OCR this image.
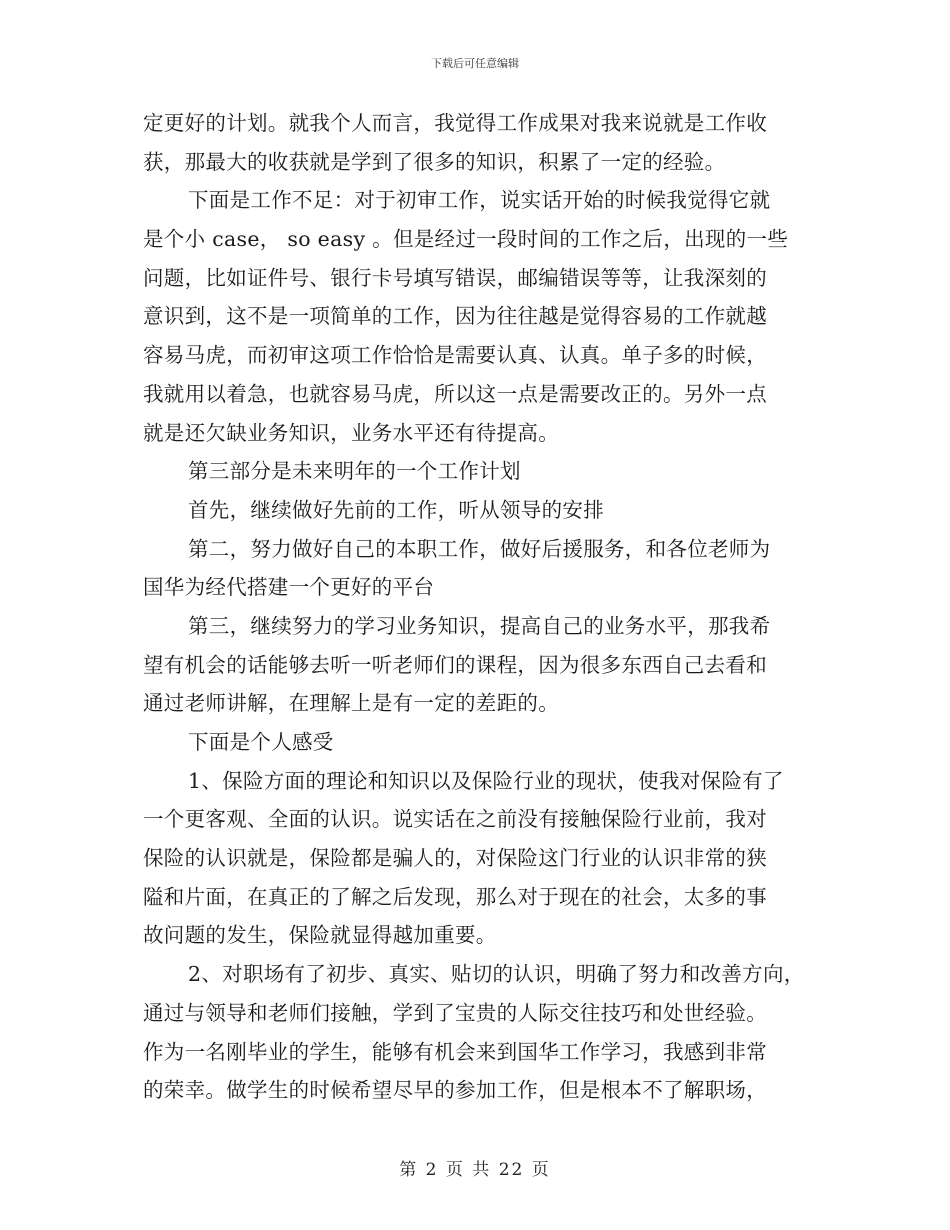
下载后可任意编辑
定更好的计划。就我个人而言，我觉得工作成果对我来说就是工作收
获，那最大的收获就是学到了很多的知识，积累了一定的经验。
下面是工作不足：对于初审工作，说实话开始的时候我觉得它就
是个小 case， so easy 。但是经过一段时间的工作之后，出现的一些
问题，比如证件号、银行卡号填写错误，邮编错误等等，让我深刻的
意识到，这不是一项简单的工作，因为往往越是觉得容易的工作就越
容易马虎，而初审这项工作恰恰是需要认真、认真。单子多的时候，
我就用以着急，也就容易马虎，所以这一点是需要改正的。另外一点
就是还欠缺业务知识，业务水平还有待提高。
第三部分是未来明年的一个工作计划
首先，继续做好先前的工作，听从领导的安排
第二，努力做好自己的本职工作，做好后援服务，和各位老师为
国华为经代搭建一个更好的平台
第三，继续努力的学习业务知识，提高自己的业务水平，那我希
望有机会的话能够去听一听老师们的课程，因为很多东西自己去看和
通过老师讲解，在理解上是有一定的差距的。
下面是个人感受
1、保险方面的理论和知识以及保险行业的现状，使我对保险有了
一个更客观、全面的认识。说实话在之前没有接触保险行业前，我对
保险的认识就是，保险都是骗人的，对保险这门行业的认识非常的狭
隘和片面，在真正的了解之后发现，那么对于现在的社会，太多的事
故问题的发生，保险就显得越加重要。
2、对职场有了初步、真实、贴切的认识，明确了努力和改善方向，
通过与领导和老师们接触，学到了宝贵的人际交往技巧和处世经验。
作为一名刚毕业的学生，能够有机会来到国华工作学习，我感到非常
的荣幸。做学生的时候希望尽早的参加工作，但是根本不了解职场，
第 2 页 共 22 页
